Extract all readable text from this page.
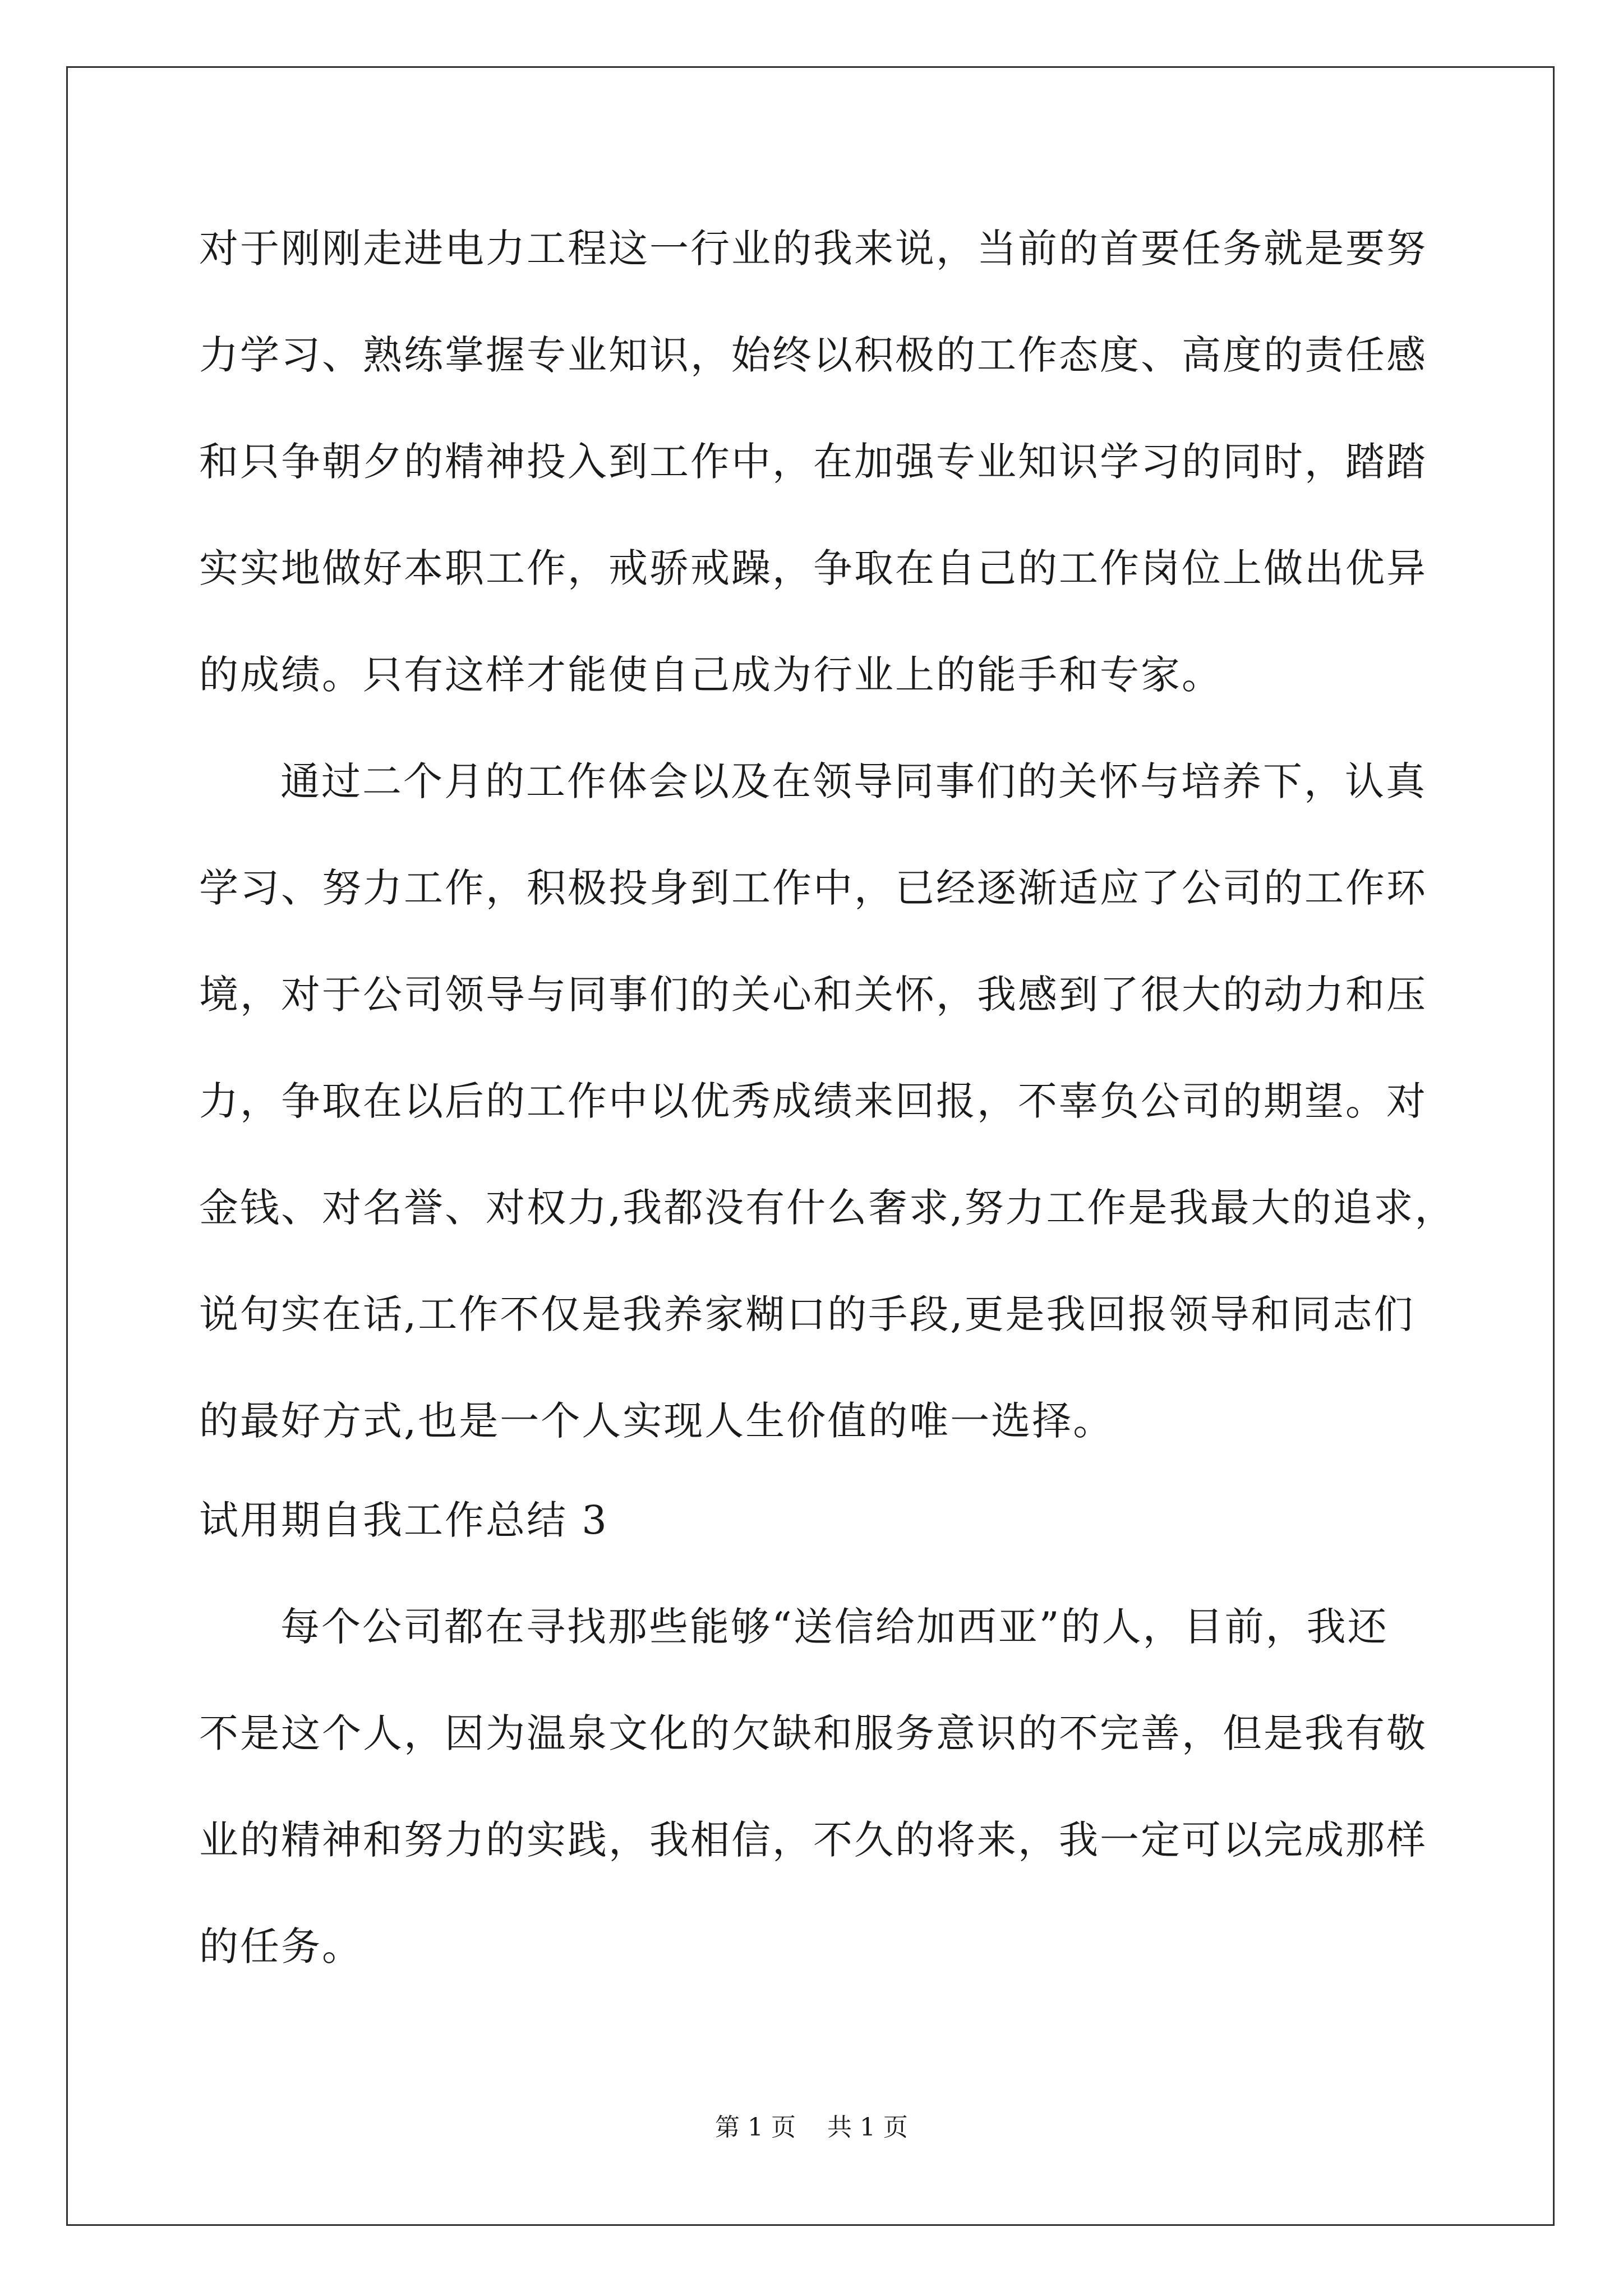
对于刚刚走进电力工程这一行业的我来说，当前的首要任务就是要努
力学习、熟练掌握专业知识，始终以积极的工作态度、高度的责任感
和只争朝夕的精神投入到工作中，在加强专业知识学习的同时，踏踏
实实地做好本职工作，戒骄戒躁，争取在自己的工作岗位上做出优异
的成绩。只有这样才能使自己成为行业上的能手和专家。
通过二个月的工作体会以及在领导同事们的关怀与培养下，认真
学习、努力工作，积极投身到工作中，已经逐渐适应了公司的工作环
境，对于公司领导与同事们的关心和关怀，我感到了很大的动力和压
力，争取在以后的工作中以优秀成绩来回报，不辜负公司的期望。对
金钱、对名誉、对权力,我都没有什么奢求,努力工作是我最大的追求，
说句实在话,工作不仅是我养家糊口的手段,更是我回报领导和同志们
的最好方式,也是一个人实现人生价值的唯一选择。
试用期自我工作总结 3
每个公司都在寻找那些能够“送信给加西亚”的人，目前，我还
不是这个人，因为温泉文化的欠缺和服务意识的不完善，但是我有敬
业的精神和努力的实践，我相信，不久的将来，我一定可以完成那样
的任务。
第 1 页    共 1 页
